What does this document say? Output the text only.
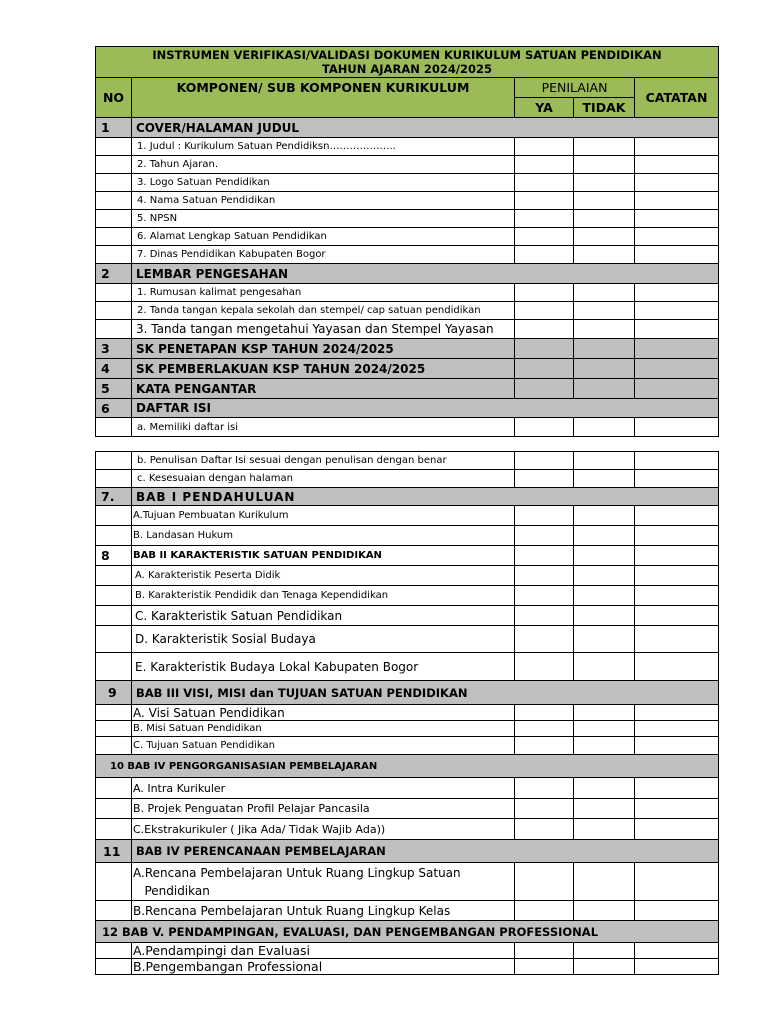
INSTRUMEN VERIFIKASI/VALIDASI DOKUMEN KURIKULUM SATUAN PENDIDIKAN
TAHUN AJARAN 2024/2025				

NO	KOMPONEN/ SUB KOMPONEN KURIKULUM	PENILAIAN		CATATAN
		YA	TIDAK	
1	COVER/HALAMAN JUDUL			
	1. Judul : Kurikulum Satuan Pendidiksn………………..			
	2. Tahun Ajaran.			
	3. Logo Satuan Pendidikan			
	4. Nama Satuan Pendidikan			
	5. NPSN			
	6. Alamat Lengkap Satuan Pendidikan			
	7. Dinas Pendidikan Kabupaten Bogor			
2	LEMBAR PENGESAHAN			
	1. Rumusan kalimat pengesahan			
	2. Tanda tangan kepala sekolah dan stempel/ cap satuan pendidikan			
	3. Tanda tangan mengetahui Yayasan dan Stempel Yayasan			
3	SK PENETAPAN KSP TAHUN 2024/2025			
4	SK PEMBERLAKUAN KSP TAHUN 2024/2025			
5	KATA PENGANTAR			
6	DAFTAR ISI			
	a. Memiliki daftar isi			
	b. Penulisan Daftar Isi sesuai dengan penulisan dengan benar			
	c. Kesesuaian dengan halaman			
7.	BAB I PENDAHULUAN			
	A.Tujuan Pembuatan Kurikulum			
	B. Landasan Hukum			
8	BAB II KARAKTERISTIK SATUAN PENDIDIKAN			
	A. Karakteristik Peserta Didik			
	B. Karakteristik Pendidik dan Tenaga Kependidikan			
	C. Karakteristik Satuan Pendidikan			
	D. Karakteristik Sosial Budaya			
	E. Karakteristik Budaya Lokal Kabupaten Bogor			
9	BAB III VISI, MISI dan TUJUAN SATUAN PENDIDIKAN			
	A. Visi Satuan Pendidikan			
	B. Misi Satuan Pendidikan			
	C. Tujuan Satuan Pendidikan			
10 BAB IV PENGORGANISASIAN PEMBELAJARAN				
	A. Intra Kurikuler			
	B. Projek Penguatan Profil Pelajar Pancasila			
	C.Ekstrakurikuler ( Jika Ada/ Tidak Wajib Ada))			
11	BAB IV PERENCANAAN PEMBELAJARAN			
	A.Rencana Pembelajaran Untuk Ruang Lingkup Satuan
Pendidikan			
	B.Rencana Pembelajaran Untuk Ruang Lingkup Kelas			
12 BAB V. PENDAMPINGAN, EVALUASI, DAN PENGEMBANGAN PROFESSIONAL				
	A.Pendampingi dan Evaluasi			
	B.Pengembangan Professional			
